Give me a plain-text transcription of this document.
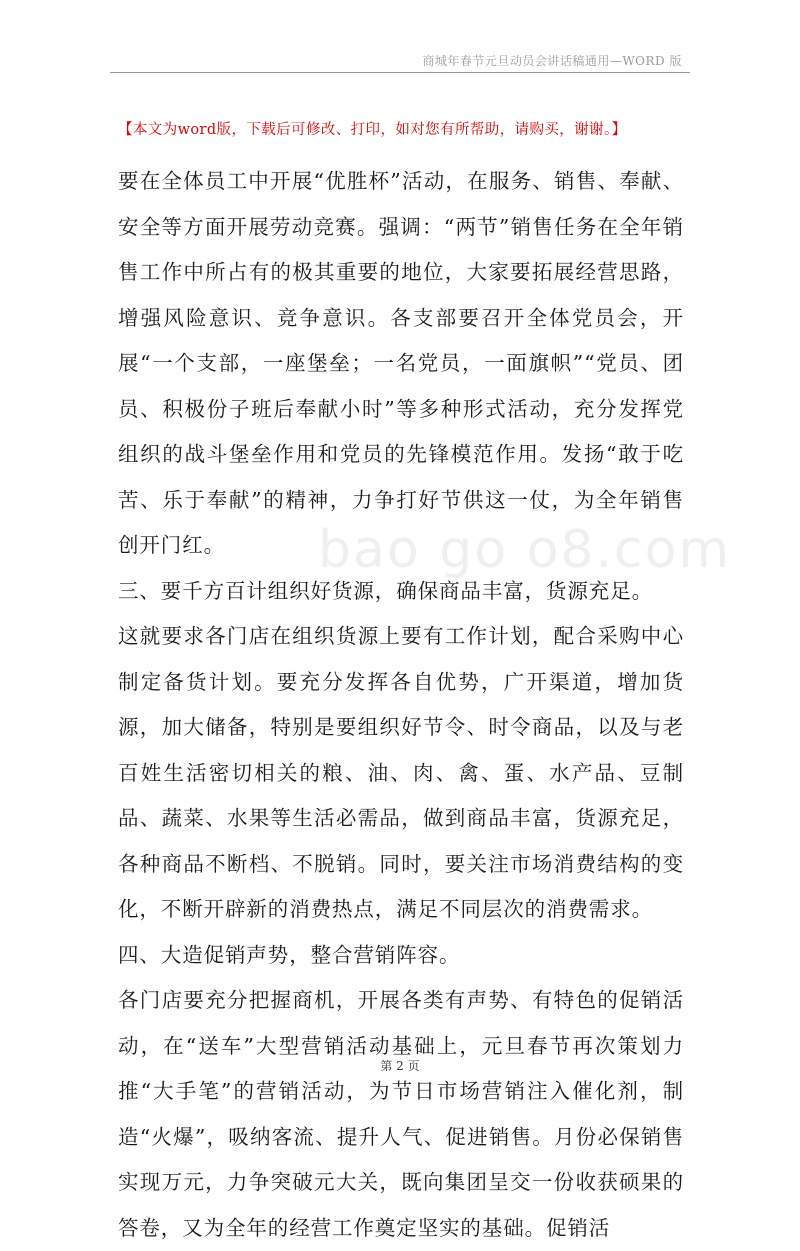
商城年春节元旦动员会讲话稿通用—WORD 版
【本文为word版，下载后可修改、打印，如对您有所帮助，请购买，谢谢。】
bao go o8.com

要在全体员工中开展“优胜杯”活动，在服务、销售、奉献、安全等方面开展劳动竞赛。强调：“两节”销售任务在全年销售工作中所占有的极其重要的地位，大家要拓展经营思路，增强风险意识、竞争意识。各支部要召开全体党员会，开展“一个支部，一座堡垒；一名党员，一面旗帜”“党员、团员、积极份子班后奉献小时”等多种形式活动，充分发挥党组织的战斗堡垒作用和党员的先锋模范作用。发扬“敢于吃苦、乐于奉献”的精神，力争打好节供这一仗，为全年销售创开门红。

三、要千方百计组织好货源，确保商品丰富，货源充足。

这就要求各门店在组织货源上要有工作计划，配合采购中心制定备货计划。要充分发挥各自优势，广开渠道，增加货源，加大储备，特别是要组织好节令、时令商品，以及与老百姓生活密切相关的粮、油、肉、禽、蛋、水产品、豆制品、蔬菜、水果等生活必需品，做到商品丰富，货源充足，各种商品不断档、不脱销。同时，要关注市场消费结构的变化，不断开辟新的消费热点，满足不同层次的消费需求。

四、大造促销声势，整合营销阵容。

各门店要充分把握商机，开展各类有声势、有特色的促销活动，在“送车”大型营销活动基础上，元旦春节再次策划力推“大手笔”的营销活动，为节日市场营销注入催化剂，制造“火爆”，吸纳客流、提升人气、促进销售。月份必保销售实现万元，力争突破元大关，既向集团呈交一份收获硕果的答卷，又为全年的经营工作奠定坚实的基础。促销活

第 2 页
